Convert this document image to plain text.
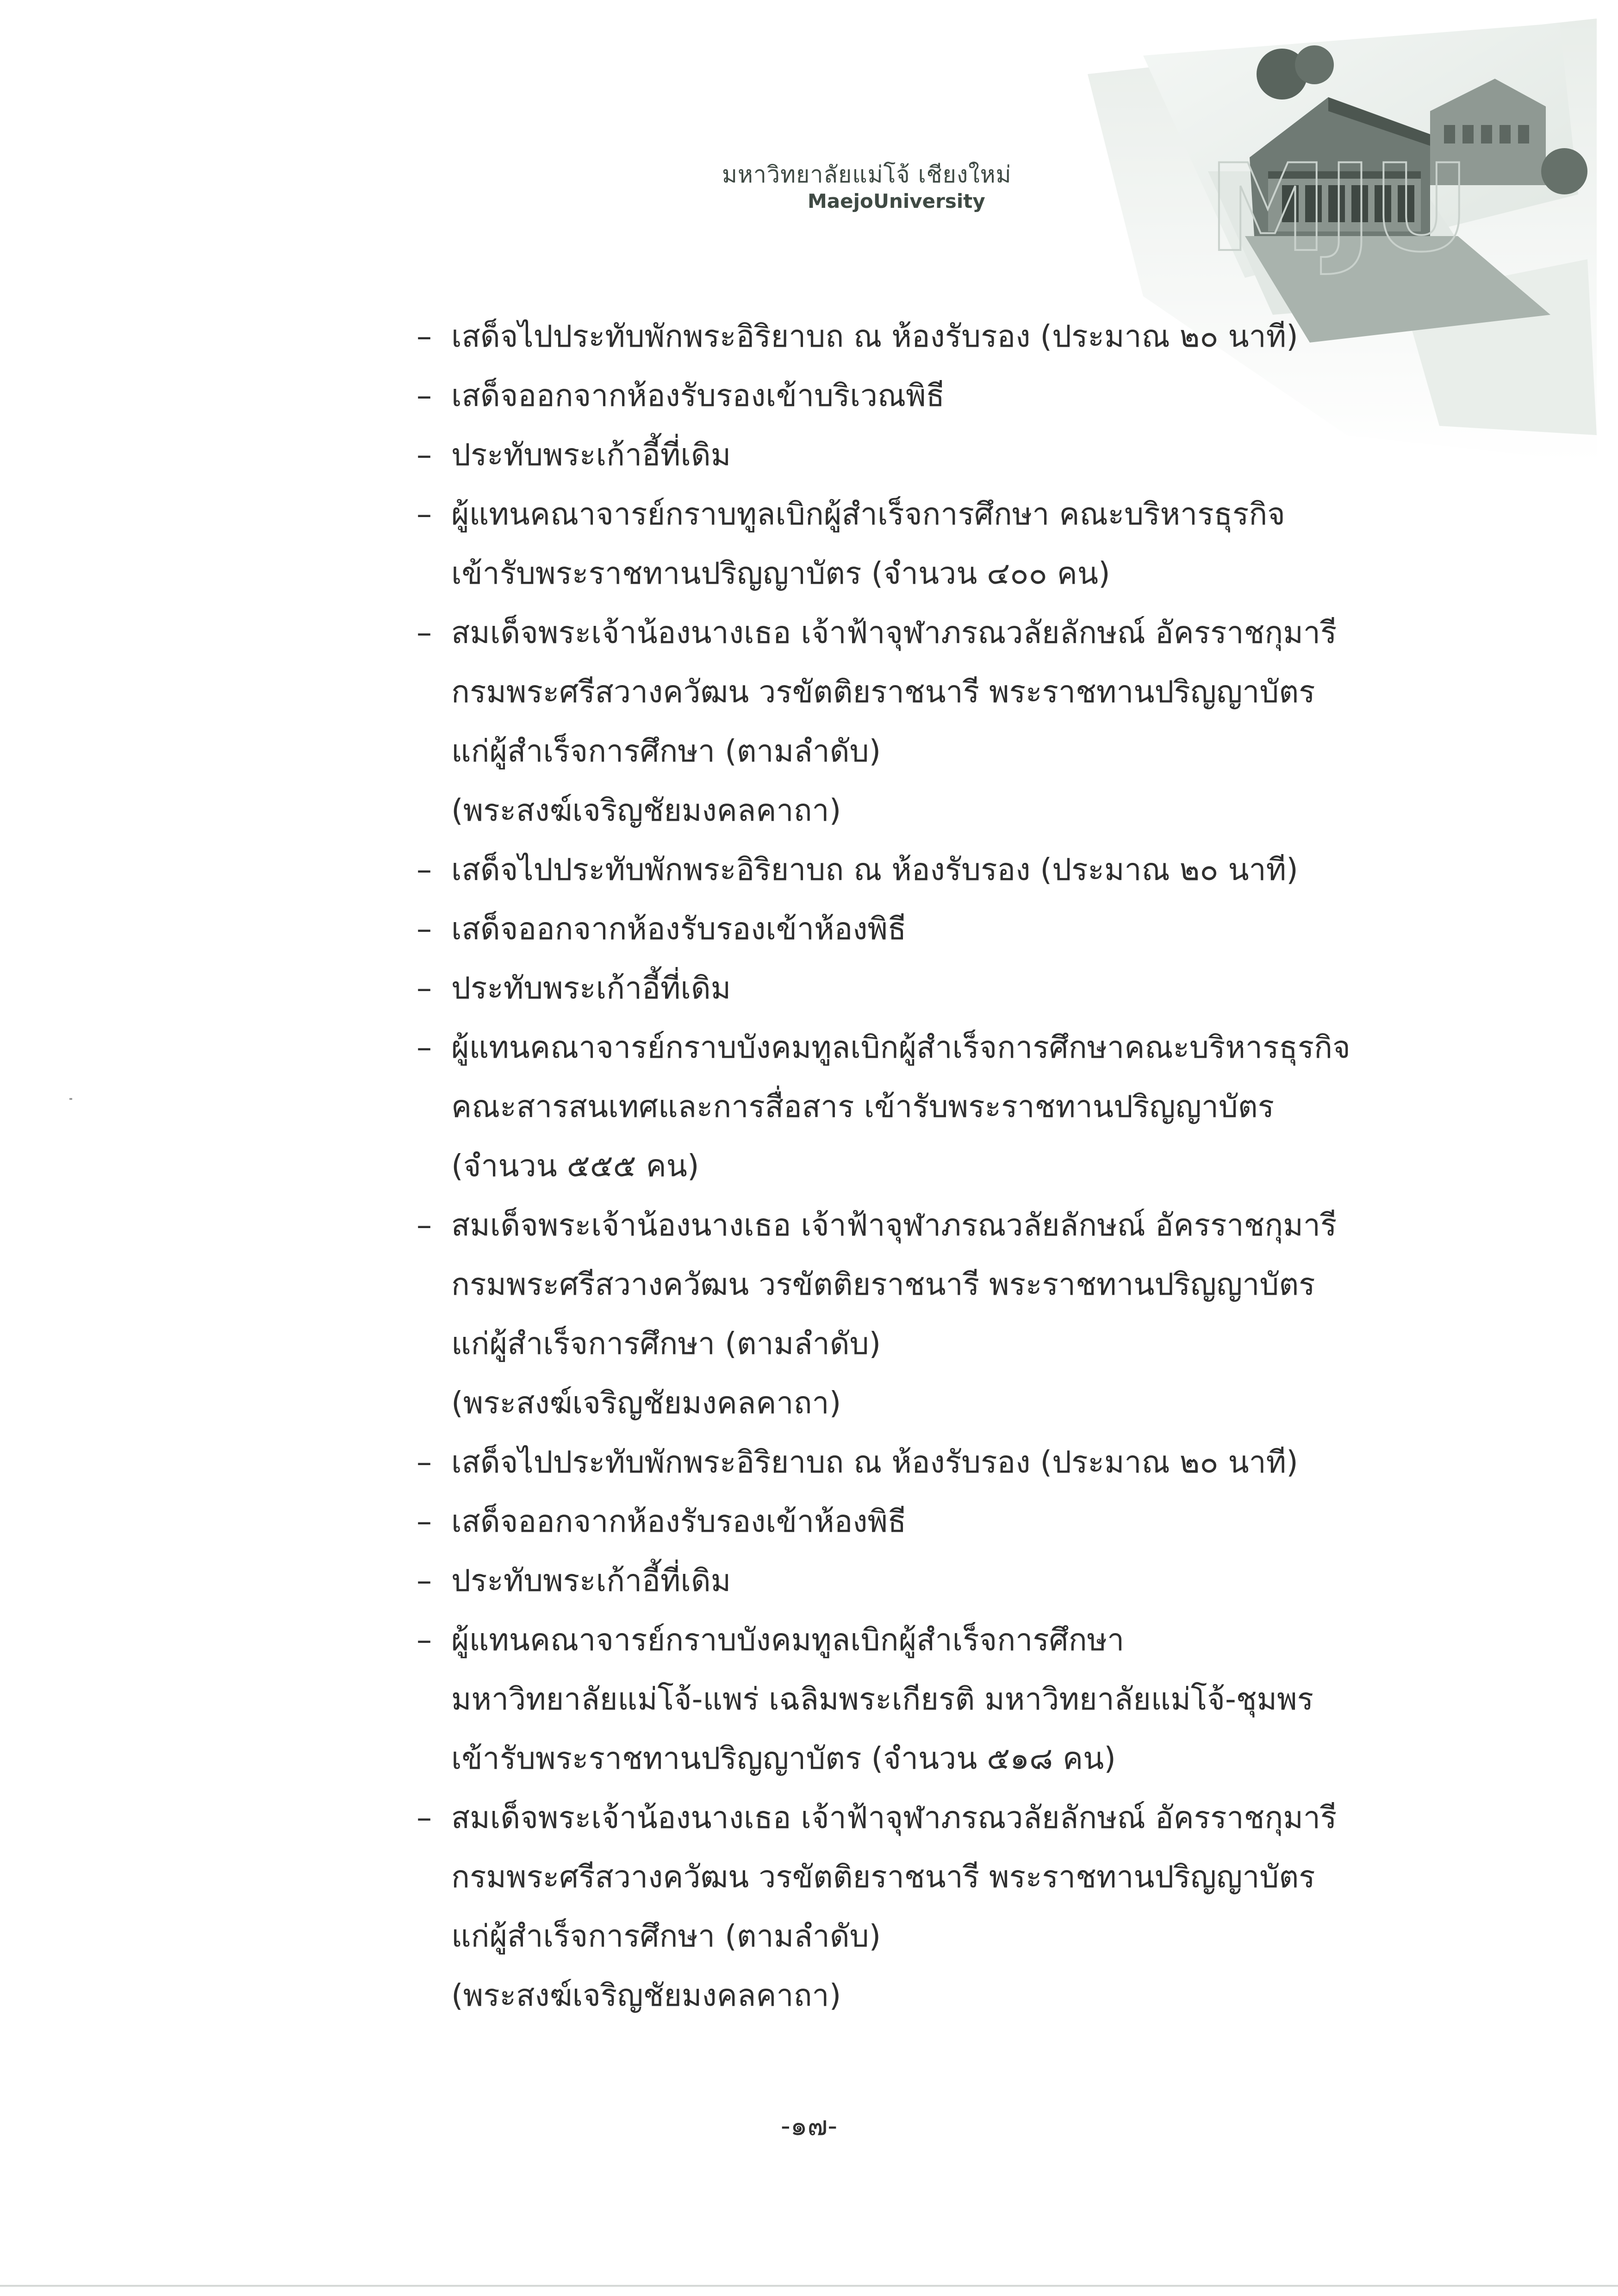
MJU
มหาวิทยาลัยแม่โจ้ เชียงใหม่
MaejoUniversity
– เสด็จไปประทับพักพระอิริยาบถ ณ ห้องรับรอง (ประมาณ ๒๐ นาที)
– เสด็จออกจากห้องรับรองเข้าบริเวณพิธี
– ประทับพระเก้าอี้ที่เดิม
– ผู้แทนคณาจารย์กราบทูลเบิกผู้สำเร็จการศึกษา คณะบริหารธุรกิจ
เข้ารับพระราชทานปริญญาบัตร (จำนวน ๔๐๐ คน)
– สมเด็จพระเจ้าน้องนางเธอ เจ้าฟ้าจุฬาภรณวลัยลักษณ์ อัครราชกุมารี
กรมพระศรีสวางควัฒน วรขัตติยราชนารี พระราชทานปริญญาบัตร
แก่ผู้สำเร็จการศึกษา (ตามลำดับ)
(พระสงฆ์เจริญชัยมงคลคาถา)
– เสด็จไปประทับพักพระอิริยาบถ ณ ห้องรับรอง (ประมาณ ๒๐ นาที)
– เสด็จออกจากห้องรับรองเข้าห้องพิธี
– ประทับพระเก้าอี้ที่เดิม
– ผู้แทนคณาจารย์กราบบังคมทูลเบิกผู้สำเร็จการศึกษาคณะบริหารธุรกิจ
คณะสารสนเทศและการสื่อสาร เข้ารับพระราชทานปริญญาบัตร
(จำนวน ๕๕๕ คน)
– สมเด็จพระเจ้าน้องนางเธอ เจ้าฟ้าจุฬาภรณวลัยลักษณ์ อัครราชกุมารี
กรมพระศรีสวางควัฒน วรขัตติยราชนารี พระราชทานปริญญาบัตร
แก่ผู้สำเร็จการศึกษา (ตามลำดับ)
(พระสงฆ์เจริญชัยมงคลคาถา)
– เสด็จไปประทับพักพระอิริยาบถ ณ ห้องรับรอง (ประมาณ ๒๐ นาที)
– เสด็จออกจากห้องรับรองเข้าห้องพิธี
– ประทับพระเก้าอี้ที่เดิม
– ผู้แทนคณาจารย์กราบบังคมทูลเบิกผู้สำเร็จการศึกษา
มหาวิทยาลัยแม่โจ้-แพร่ เฉลิมพระเกียรติ มหาวิทยาลัยแม่โจ้-ชุมพร
เข้ารับพระราชทานปริญญาบัตร (จำนวน ๕๑๘ คน)
– สมเด็จพระเจ้าน้องนางเธอ เจ้าฟ้าจุฬาภรณวลัยลักษณ์ อัครราชกุมารี
กรมพระศรีสวางควัฒน วรขัตติยราชนารี พระราชทานปริญญาบัตร
แก่ผู้สำเร็จการศึกษา (ตามลำดับ)
(พระสงฆ์เจริญชัยมงคลคาถา)
-๑๗-
